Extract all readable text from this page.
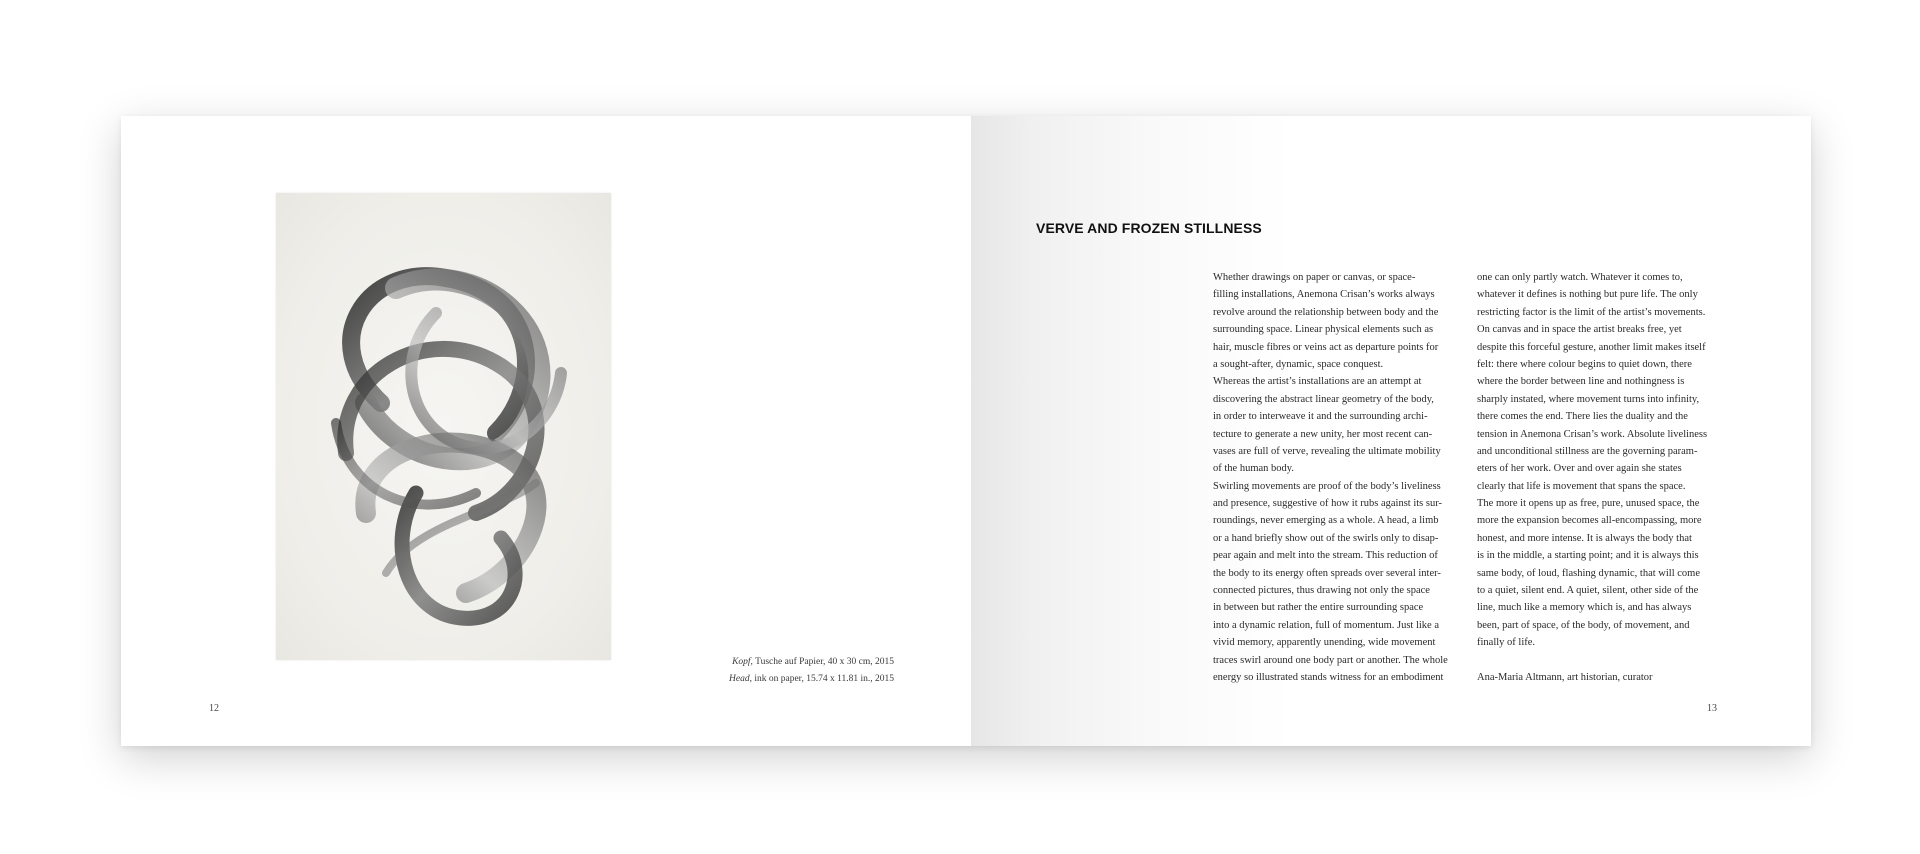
Kopf, Tusche auf Papier, 40 x 30 cm, 2015
Head, ink on paper, 15.74 x 11.81 in., 2015
12
VERVE AND FROZEN STILLNESS
Whether drawings on paper or canvas, or space-
filling installations, Anemona Crisan’s works always
revolve around the relationship between body and the
surrounding space. Linear physical elements such as
hair, muscle fibres or veins act as departure points for
a sought-after, dynamic, space conquest.
Whereas the artist’s installations are an attempt at
discovering the abstract linear geometry of the body,
in order to interweave it and the surrounding archi-
tecture to generate a new unity, her most recent can-
vases are full of verve, revealing the ultimate mobility
of the human body.
Swirling movements are proof of the body’s liveliness
and presence, suggestive of how it rubs against its sur-
roundings, never emerging as a whole. A head, a limb
or a hand briefly show out of the swirls only to disap-
pear again and melt into the stream. This reduction of
the body to its energy often spreads over several inter-
connected pictures, thus drawing not only the space
in between but rather the entire surrounding space
into a dynamic relation, full of momentum. Just like a
vivid memory, apparently unending, wide movement
traces swirl around one body part or another. The whole
energy so illustrated stands witness for an embodiment
one can only partly watch. Whatever it comes to,
whatever it defines is nothing but pure life. The only
restricting factor is the limit of the artist’s movements.
On canvas and in space the artist breaks free, yet
despite this forceful gesture, another limit makes itself
felt: there where colour begins to quiet down, there
where the border between line and nothingness is
sharply instated, where movement turns into infinity,
there comes the end. There lies the duality and the
tension in Anemona Crisan’s work. Absolute liveliness
and unconditional stillness are the governing param-
eters of her work. Over and over again she states
clearly that life is movement that spans the space.
The more it opens up as free, pure, unused space, the
more the expansion becomes all-encompassing, more
honest, and more intense. It is always the body that
is in the middle, a starting point; and it is always this
same body, of loud, flashing dynamic, that will come
to a quiet, silent end. A quiet, silent, other side of the
line, much like a memory which is, and has always
been, part of space, of the body, of movement, and
finally of life.
Ana-Maria Altmann, art historian, curator
13
